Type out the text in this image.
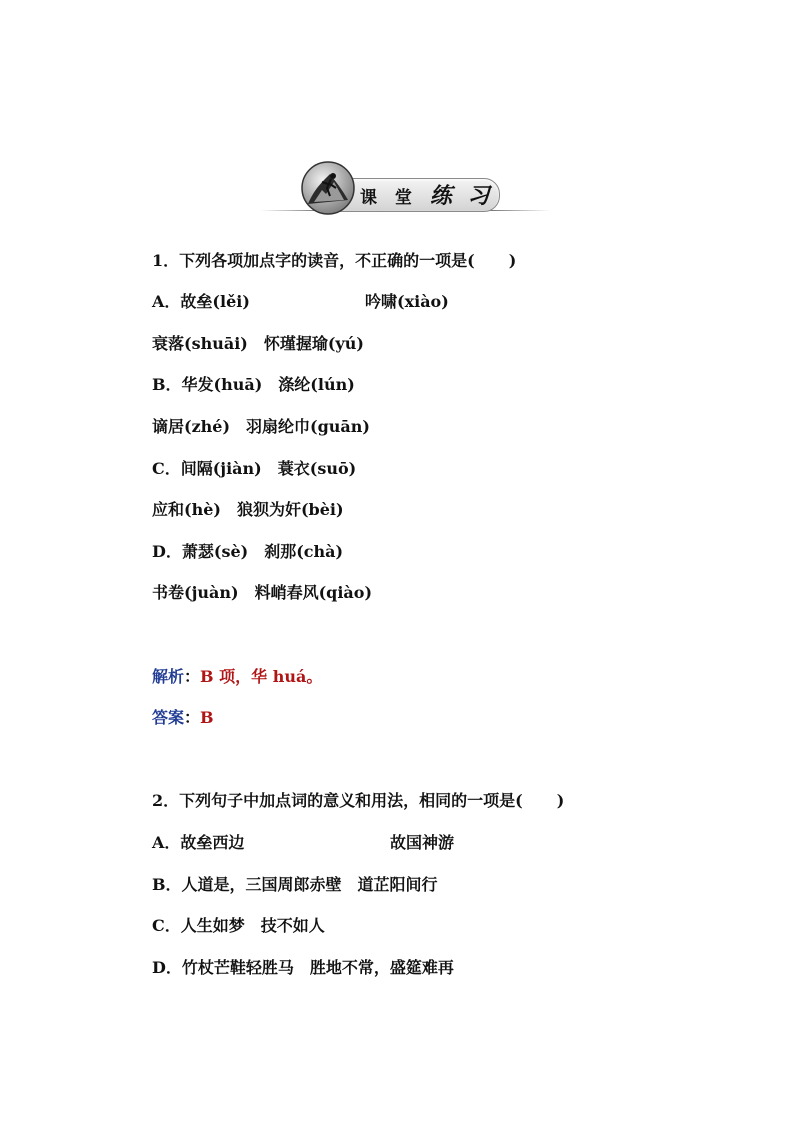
课 堂 练 习
1．下列各项加点字的读音，不正确的一项是( )
A．故垒(lěi)	吟啸(xiào)
衰落(shuāi)　怀瑾握瑜(yú)
B．华发(huā)　涤纶(lún)
谪居(zhé)　羽扇纶巾(guān)
C．间隔(jiàn)　蓑衣(suō)
应和(hè)　狼狈为奸(bèi)
D．萧瑟(sè)　刹那(chà)
书卷(juàn)　料峭春风(qiào)
解析：B 项，华 huá。
答案：B
2．下列句子中加点词的意义和用法，相同的一项是( )
A．故垒西边	故国神游
B．人道是，三国周郎赤壁　道芷阳间行
C．人生如梦　技不如人
D．竹杖芒鞋轻胜马　胜地不常，盛筵难再
